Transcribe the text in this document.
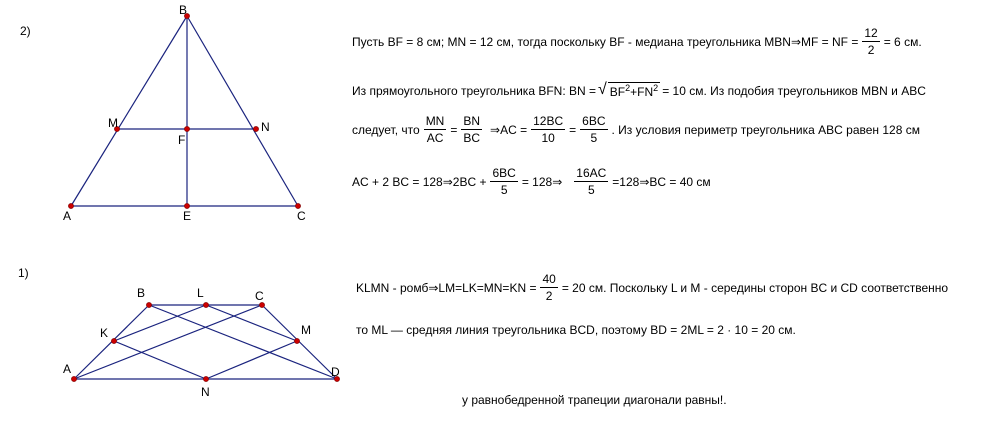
B
M	N
F
A	E	C
A
B	L	C
K	M
N
D
2)
1)
Пусть BF = 8 см; MN = 12 см, тогда поскольку BF - медиана треугольника MBN ⇒ MF = NF = $\frac{12}{2} = 6$ см.
Из прямоугольного треугольника BFN: BN = √ $BF^2+FN^2 = 10$ см. Из подобия треугольников MBN и ABC
следует, что $\frac{MN}{AC} = \frac{BN}{BC}$ ⇒ AC = $\frac{12BC}{10} = \frac{6BC}{5}$ . Из условия периметр треугольника ABC равен 128 см
AC + 2 BC = 128 ⇒ $2BC + \frac{6BC}{5} = 128$ ⇒ $\frac{16AC}{5} =128$ ⇒ BC = 40 см
KLMN - ромб ⇒ $LM=LK=MN=KN = \frac{40}{2} = 20$ см. Поскольку L и M - середины сторон BC и CD соответственно
то ML — средняя линия треугольника BCD, поэтому BD = 2ML = 2 · 10 = 20 см.
у равнобедренной трапеции диагонали равны!.
